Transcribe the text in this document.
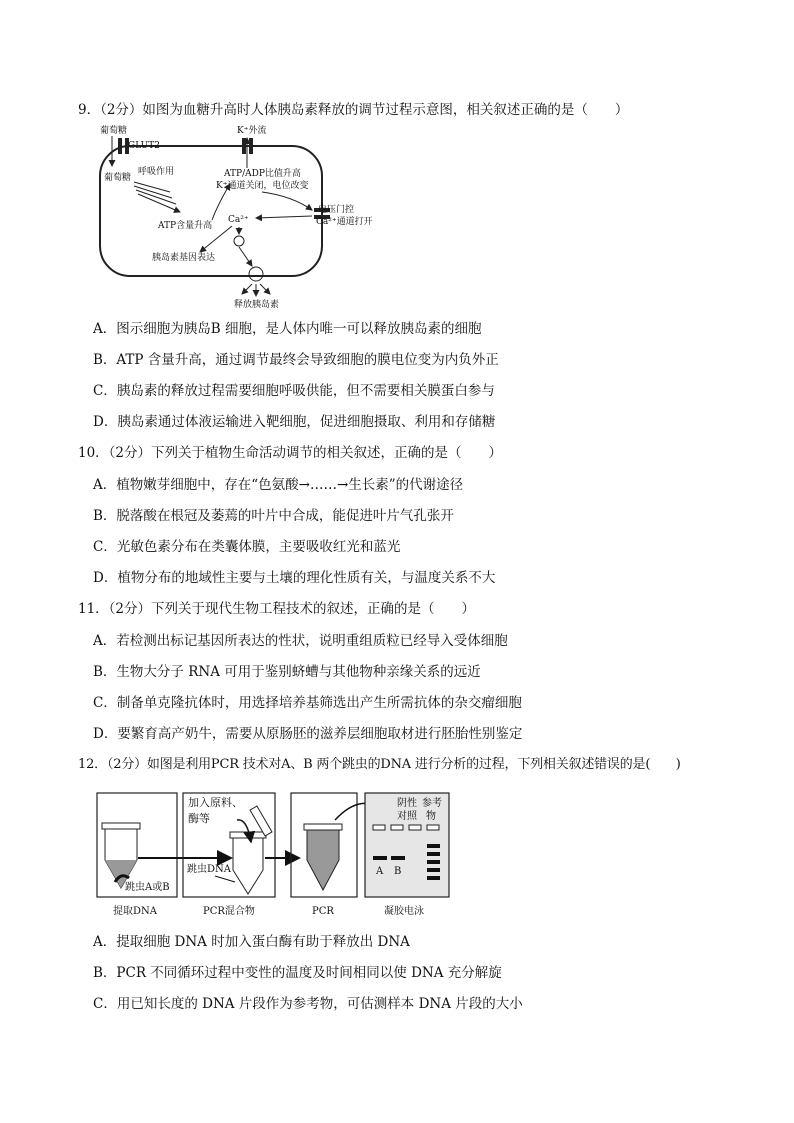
9．（2分）如图为血糖升高时人体胰岛素释放的调节过程示意图，相关叙述正确的是（　　）
葡萄糖
GLUT2
葡萄糖
呼吸作用
ATP含量升高
K⁺外流
ATP/ADP比值升高
K⁺通道关闭，电位改变
电压门控
Ca²⁺通道打开
Ca²⁺
胰岛素基因表达
释放胰岛素
A．图示细胞为胰岛B 细胞，是人体内唯一可以释放胰岛素的细胞
B．ATP 含量升高，通过调节最终会导致细胞的膜电位变为内负外正
C．胰岛素的释放过程需要细胞呼吸供能，但不需要相关膜蛋白参与
D．胰岛素通过体液运输进入靶细胞，促进细胞摄取、利用和存储糖
10．（2分）下列关于植物生命活动调节的相关叙述，正确的是（　　）
A．植物嫩芽细胞中，存在“色氨酸→……→生长素”的代谢途径
B．脱落酸在根冠及萎蔫的叶片中合成，能促进叶片气孔张开
C．光敏色素分布在类囊体膜，主要吸收红光和蓝光
D．植物分布的地域性主要与土壤的理化性质有关，与温度关系不大
11．（2分）下列关于现代生物工程技术的叙述，正确的是（　　）
A．若检测出标记基因所表达的性状，说明重组质粒已经导入受体细胞
B．生物大分子 RNA 可用于鉴别蛴螬与其他物种亲缘关系的远近
C．制备单克隆抗体时，用选择培养基筛选出产生所需抗体的杂交瘤细胞
D．要繁育高产奶牛，需要从原肠胚的滋养层细胞取材进行胚胎性别鉴定
12．（2分）如图是利用PCR 技术对A、B 两个跳虫的DNA 进行分析的过程，下列相关叙述错误的是(　　)
跳虫A或B
加入原料、
酶等
跳虫DNA
阴性 参考
对照 物
A B
提取DNA	PCR混合物	PCR	凝胶电泳
A．提取细胞 DNA 时加入蛋白酶有助于释放出 DNA
B．PCR 不同循环过程中变性的温度及时间相同以使 DNA 充分解旋
C．用已知长度的 DNA 片段作为参考物，可估测样本 DNA 片段的大小
